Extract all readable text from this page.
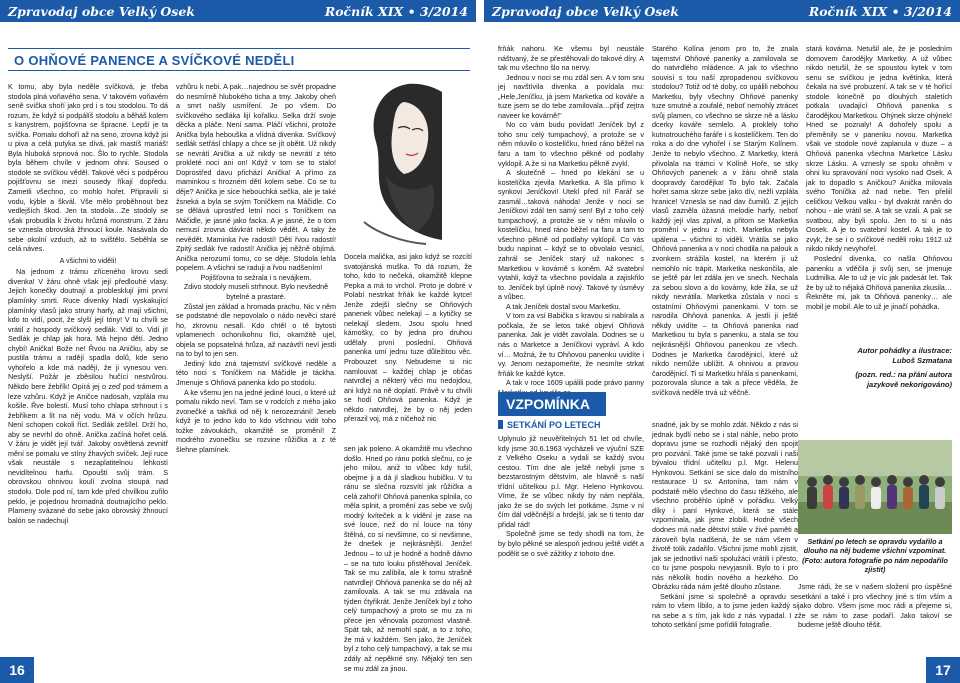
Zpravodaj obce Velký Osek	Ročník XIX • 3/2014 Zpravodaj obce Velký Osek	Ročník XIX • 3/2014
O OHŇOVÉ PANENCE A SVÍČKOVÉ NEDĚLI

K tomu, aby byla neděle svíčková, je třeba stodola plná voňavého sena. V takovém voňavém seně svíčka shoří jako prd i s tou stodolou. To dá rozum, že když si podpálíš stodolu a běháš kolem s kanystrem, pojišťovna se špracne. Lepší je ta svíčka. Pomalu dohoří až na seno, zrovna když jsi u piva a celá putyka se dívá, jak mastíš mariáš! Byla hluboká srpnová noc. Šlo to rychle. Stodola byla během chvíle v jednom ohni. Soused o stodole se svíčkou věděl. Takové věci s podpěrou pojišťovnu se mezi sousedy říkají dopředu. Zametli všechno, co mohlo hořet. Připravili si vodu, kýble a škvál. Vše mělo proběhnout bez vedlejších škod. Jen ta stodola…Ze stodoly se však probudila k životu hrůzná monstrum. Z žáru se vznesla obrovská žhnoucí koule. Nasávala do sebe okolní vzduch, až to svištělo. Seběhla se celá náves.

A všichni to viděli!

Na jednom z trámu zříceného krovu sedí divenka! V žáru ohně však její předlouhé vlasy. Jejich konečky doutnají a problesklují jimi první plamínky smrti. Ruce divenky hladí vyskakující plamínky vlasů jako struny harfy, až mají všichni, kdo to vidí, pocit, že slyší její tóny! V tu chvíli se vrátil z hospody svíčkový sedlák. Vidí to. Vidí ji! Sedlák je chlap jak hora. Má hejno dětí. Jedno chybí! Anička! Bože ne! Řvou na Aničku, aby se pustila trámu a radějí spadla dolů, kde seno vyhořelo a kde má nadějí, že ji vynesou ven. Neslyší. Požár je zběsilou hučící nestvůrou. Někdo bere žebřík! Opírá jej o zeď pod trámem a leze vzhůru. Když je Aničce nadosah, vzplála mu košile. Řve bolestí. Musí toho chlapa strhnout i s žebříkem a lít na něj vodu. Má v očích hrůzu. Není schopen cokoli říct. Sedlák zešílel. Drží ho, aby se nevrhl do ohně. Anička začíná hořet celá. V žáru je vidět její tvář. Jakoby osvětlená zevnitř mění se pomalu ve stíny žhavých svíček. Její ruce však neustále s nezaplatitelnou lehkostí nevidítelnou harfu. Opouští svůj trám. S obrovskou ohnivou koulí zvolna stoupá nad stodolu. Dole pod ní, tam kde před chvílkou zuřilo peklo, je pojednou hromadná doutnajícího peklo. Plameny svázané do sebe jako obrovský žhnoucí balón se nadechují

vzhůru k nebi. A pak…najednou se svět propadne do nesmírně hlubokého ticha a tmy. Jakoby oheň a smrt našly usmíření. Je po všem. Do svíčkového sedláka lijí kořalku. Selka drží svoje děcka a pláče. Není sama. Pláčí všichni, protože Anička byla hebouška a vlídná divenka. Svíčkový sedlák setřásl chlapy a chce se jít obětit. Už nikdy se nevrátí Anička a už nikdy se nevrátí z této prokleté noci ani on! Když v tom se to stalo! Doprostřed davu přichází Anička! A přímo za maminkou s hrozném dětí kolem sebe. Co se tu děje? Anička je sice hebouchká sečka, ale je také žsneká a byla se svým Toníčkem na Máčidle. Co se dělává uprostřed letní noci s Toníčkem na Máčidle, je jasné jako facka. A je jasné, že o tom nemusí zrovna dávkrát někdo vědět. A taky že nevědět. Maminka řve radostí! Děti řvou radostí! Zpitý sedlák řve radostí! Anička jej něžně objímá. Anička nerozumí tomu, co se děje. Stodola lehla popelem. A všichni se raduji a řvou nadšením!

Pojišťovna to sežrala i s nevájkem.

Zdivo stodoly museli strhnout. Bylo nevšedně bytelné a prastaré.

Zůstal jen základ a hromada prachu. Nic v něm se podstatné dle nepovolalo o nádo nevěci staré ho, zkrovnu nesalí. Kdo chtěl o tě bytosti vplamenech ochoníkohnu fíci, okamžitě ujel, objela se popsatelná hrůza, až nazávtři neví jestli na to byl to jen sen.

Jediný kdo zná tajemství svíčkové neděle a této noci s Toníčkem na Máčidle je táckha. Jmenuje s Ohňová panenka kdo po stodolu.

A ke všemu jen na jedné jediné louci, o které už pomalu nikdo neví. Tam se v rodcích z mého jako zvonečké a takřká od něj k nerozeznání! Jeneb když je to jedno kdo to kdo všchnou vidit toho tožke závoukách, okamžitě se promění! Z modrého zvonečku se rozvine růžička a z té šlehne plamínek.

Docela malička, asi jako když se rozcítí svatojánská muška. To dá rozum, že toho, kdo to nečeká, okamžitě klepne Pepka a má to vrchol. Proto je dobré v Polabí nestrkat frňák ke každé kytce! Jenže zdejší slečny se Ohňových panenek vůbec nelekají – a kytičky se nelekají sledem. Jsou spolu hned kámošky, co by jedna pro druhou udělaly první poslední. Ohňová panenka umí jednu tuze důležitou věc. Probouzet sny. Nebudeme si nic namlouvat – každej chlap je občas natvrdlej a některý věci mu nedojdou, ani když na ně doplatí. Právě v tu chvíli se hodí Ohňová panenka. Když je někdo natvrdlej, že by o něj jeden přerazil voj, má z ničehož nic

frňák nahoru. Ke všemu byl neustále náštvaný, že se přestěhovali do takové díry. A tak mu všechno šlo na nervy.

Jednou v noci se mu zdál sen. A v tom snu jej navštívila divenka a povídala mu: „Hele,Jeníčku, já jsem Marketka od kováře a tuze jsem se do tebe zamilovala…přijď zejtra naveer ke kovárně!"

No co vám budu povídat! Jeníček byl z toho snu celý tumpachový, a protože se v něm mluvilo o kostelíčku, hned ráno běžel na faru a tam to všechno pěkně od podlahy vyklopil. A že si na Marketku pěkně zvykl.

A skutečně – hned po klekání se u kostelíčka zjevila Marketka. A šla přímo k synkovi Jeníčkovi! Utekl před ní! Farář se zasmál…taková náhoda! Jenže v noci se Jeníčkovi zdál ten samý sen! Byl z toho celý tumpachový, a protože se v něm mluvilo o kostelíčku, hned ráno běžel na faru a tam to všechno pěkně od podlahy vyklopil. Co vás budu napínat – když se to obvolalo vesnicí, zahrál se Jeníček starý už nakonec s Marketkou v kovárně s koněm. Až svatební vytahli, když ta všechno povídala a zajiskřilo to. Jeníček byl úplně nový. Takové ty úsměvy a vůbec.

A tak Jeníček dostal svou Marketku.

V tom za vsí Babička s kravou si nabírala a počkala, že se letos také objeví Ohňová panenka. Jak je vidět zavolala. Dodnes se u nás o Marketce a Jeníčkovi vypráví. A kdo ví… Možná, že tu Ohňovou panenku uvidíte i vy. Jenom nezapomeňte, že nesmíte strkat frňák ke každé kytce.

A tak v roce 1609 upálili pode právo panny

Starého Kolína jenom pro to, že znala tajemství Ohňové panenky a zamilovala se do natvrdlého mládence. A jak to všechno souvisí s tou naší zpropadenou svíčkovou stodolou? Totiž od té doby, co upálili nebohou Marketku, byly všechny Ohňové panenky tuze smutné a zoufalé, neboť nemohly ztrácet svůj plamen, co všechno se skrze ně a lásku dcerky kováře semlelo. A proklely toho kutnotrouchého faráře i s kostelíčkem. Ten do roka a do dne vyhořel i se Starým Kolínem. Jenže to nebylo všechno. Z Marketky, která přivolala na trámci v Kolíně Hoře, se stky Ohňových panenek a v žáru ohně stala doopravdy čarodějka! To bylo tak. Začala hořet sama skrze sebe jako dív, nežli vzplála hranice! Vznesla se nad dav čumilů. Z jejích vlasů zazněla úžasná melodie harfy, neboť každý její vlas zpíval, a přitom se Marketka promění v jednu z nich. Marketka nebyla upálena – všichni to viděli. Vrátila se jako Ohňová panenka a v noci chodila na palouk a zvonkem strážila kostel, na kterém ji už nemohlo nic trápit. Marketka neskončila, ale se ještě pár let zdála jen ve snech. Nechala za sebou slovo a do kovárny, kde žila, se už nikdy nevrátila. Marketka zůstala v noci s ostatními Ohňovými panenkami. V tom se narodila Ohňová panenka. A jestli ji ještě někdy uvidíte – ta Ohňová panenka nad Marketkou tu byla s panenku, a stala se tou nejkrásnější Ohňovou panenkou ze všech. Dodnes je Marketka čarodějnicí, které už nikdo nemůže ublížit. A ohnivou a pravou čarodějnicí. Ti si Marketku hřála s panenkami, pozorovala slunce a tak a přece věděla, že svíčková neděle trvá už věčně.

stará kovárna. Netušil ale, že je posledním domovem čarodějky Marketky. A už vůbec nikdo netušil, že se spoustou kytek v tom senu se svíčkou je jedna květinka, která čekala na své probuzení. A tak se v té hořící stodole konečně po dlouhých staletích potkala uvadající Ohňová panenka s čarodějkou Marketkou. Ohýnek skrze ohýnek! Hned se poznaly! A dohořely spolu a přeměnily se v panenku novou. Marketka však ve stodole nové zaplanula v duze – a Ohňová panenka všechna Marketce Lásku skrze Lásku. A vznesly se spolu ohněm v ohni ku spravování noci vysoko nad Osek. A jak to dopadlo s Aničkou? Anička milovala svého Toníčka až nad nebe. Ten přeliil celičkou Velkou valku - byl dvakrát raněn do nohou - ale vrátil se. A tak se vzali. A pak se svatbou, aby byli spolu. Jen to si u nás Oosek. A je to svatební kostel. A tak je to zvyk, že se i o svíčkové neděli roku 1912 už nikdo nikdy nevyhořel.

Poslední divenka, co našla Ohňovou panenku a vděčila ji svůj sen, se jmenuje Ludmilka. Ale to už je víc jak padesát let. Tak že by už to nějaká Ohňová panenka zkusila… Řekněte mi, jak ta Ohňová panenky… ale mobil je mobil. Ale to už je jinačí pohádka.

Autor pohádky a ilustrace:
Luboš Szmatana
(pozn. red.: na přání autora
jazykově nekorigováno)
VZPOMÍNKA
SETKÁNÍ PO LETECH

Uplynulo již neuvěřitelných 51 let od chvíle, kdy jsme 30.6.1963 vycházeli ve výuční SZE z Velkého Oseku a vydali se každý svou cestou. Tím dne ale ještě nebyli jsme s bezstarostným dětstvím, ale hlavně s naší třídní učitelkou p.l. Mgr. Heleno Hynkovou. Víme, že se vůbec nikdy by nám nepřála, jako že se do svých let potkáme. Jsme v ní čím dál vděčnější a hrdejší, jak se ti tento dar přidal rád!

Společně jsme se tedy shodli na tom, že by bylo pěkné se alespoň jednou ještě vidět a podělit se o své zážitky z tohoto dne.

sen jak poleno. A okamžitě mu všechno došlo. Hned po ránu potká slečnu, co je jeho milou, aniž to vůbec kdy tušil, obejme ji a dá jí sladkou hubičku. V tu ránu se slečna rozsvítí jak růžička a celá zahoří! Ohňová panenka splnila, co měla splnit, a promění zas sebe ve svůj modrý kvíteček a k vidění je zase na své louce, než do ní louce na tóny štělná, co si nevšimne, co si nevšimne, že dnešek je nejkrásnější. Jenže! Jednou – to už je hodně a hodně dávno – se na tuto louku přistěhoval Jeníček. Tak se mu zalíbila, ale k tomu strašně natvrdlej! Ohňová panenka se do něj až zamilovala. A tak se mu zdávala na týden čtyřikrát. Jenže Jeníček byl z toho celý tumpachový a proto se mu za ni přece jen věnovala pozornost vlastně. Spát tak, až nemohl spát, a to z toho, že má v každém. Sen jako, že Jeníček byl z toho celý tumpachový, a tak se mu zdály až nepěkné sny. Nějaký ten sen se mu zdál za jinou.

snadné, jak by se mohlo zdát. Někdo z nás si jednak bydlí nebo se i stal náhle, nebo proto dopravu jsme se rozhodli nějaký den spojit pro pozvání. Také jsme se také pozvali i naši bývalou třídní učitelku p.l. Mgr. Helenu Hynkovou. Setkání se sice dalo do místního restaurace U sv. Antonína, tam nám v podstatě mělo všechno do času těžkého, ale všechno proběhlo úplně v pořádku. Velký díky i paní Hynkové, která se stále vzpomínala, jak jsme zlobili. Hodně všech dodnes má naše dětství stále v živé paměti a zároveň byla nadšená, že se nám všem v životě tolik zadařilo. Všichni jsme mohli zjistit, jak se jednotliví naši spolužáci vrátili i přesto, co tu jsme pospolu nevyjasnili. Bylo to i pro nás několik hodin nového a hezkého. Do Obrázku ráda nám ještě dlouho zůstane.

Setkání jsme si společně a opravdu se nám to všem líbilo, a to jsme jeden každý si na sebe a s tím, jak kdo z nás vypadal. I z tohoto setkání jsme pořídili fotografie.

Setkání po letech se opravdu vydařilo a dlouho na něj budeme všichni vzpomínat. (Foto: autora fotografie po nám nepodařilo zjistit)
Jsme rádi, že se v našem složení pro úspěšné setkání a také i pro všechny jiné s tím vším a jako dobro. Všem jsme moc rádi a přejeme si, že se nám to zase podaří. Jako takoví se budeme ještě dlouho těšit.
16	17
